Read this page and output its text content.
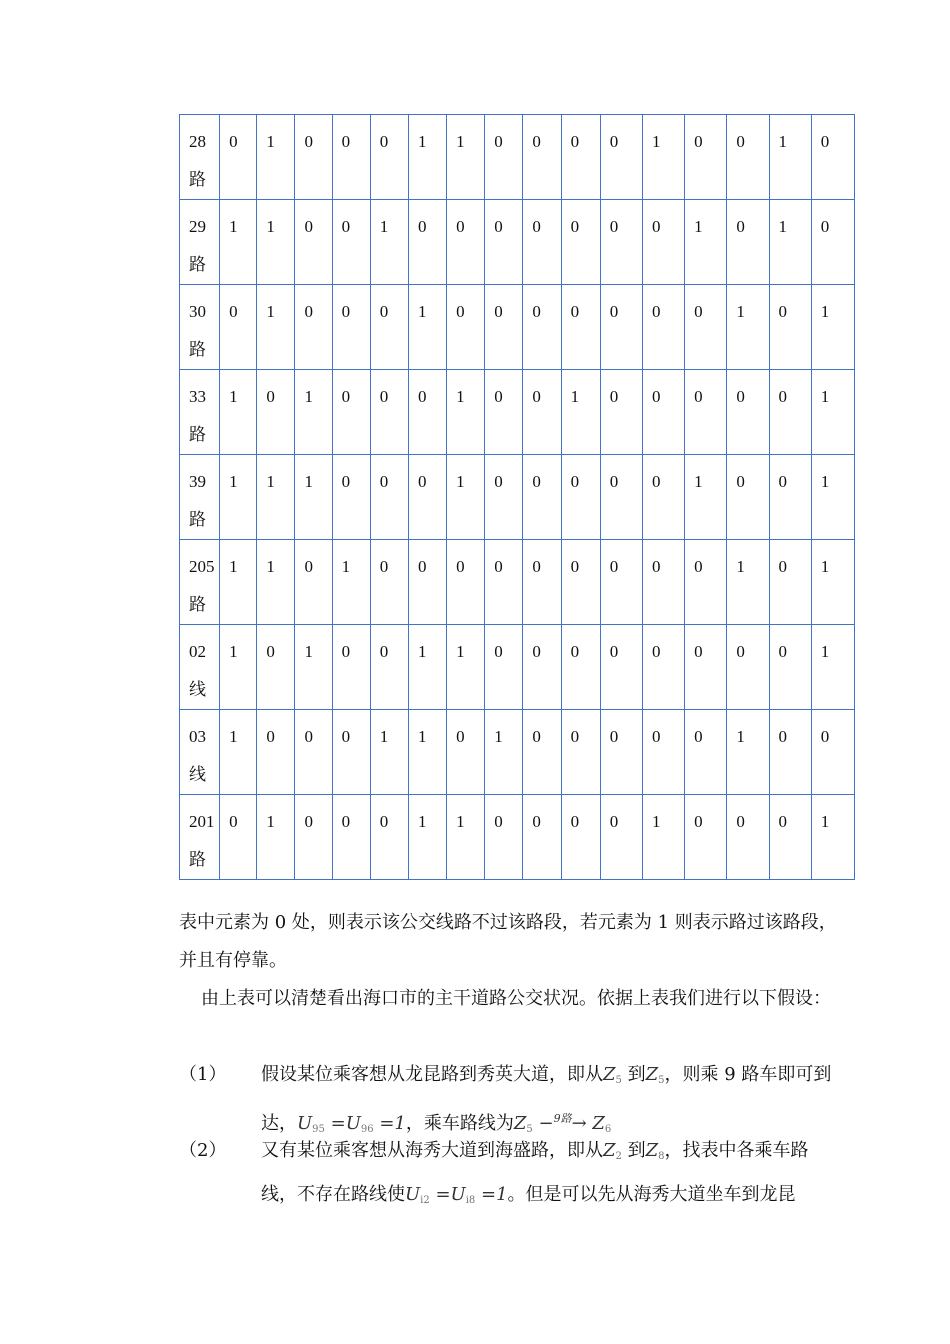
28路	0	1	0	0	0	1	1	0	0	0	0	1	0	0	1	0
29路	1	1	0	0	1	0	0	0	0	0	0	0	1	0	1	0
30路	0	1	0	0	0	1	0	0	0	0	0	0	0	1	0	1
33路	1	0	1	0	0	0	1	0	0	1	0	0	0	0	0	1
39路	1	1	1	0	0	0	1	0	0	0	0	0	1	0	0	1
205路	1	1	0	1	0	0	0	0	0	0	0	0	0	1	0	1
02线	1	0	1	0	0	1	1	0	0	0	0	0	0	0	0	1
03线	1	0	0	0	1	1	0	1	0	0	0	0	0	1	0	0
201路	0	1	0	0	0	1	1	0	0	0	0	1	0	0	0	1

表中元素为 0 处，则表示该公交线路不过该路段，若元素为 1 则表示路过该路段，并且有停靠。

由上表可以清楚看出海口市的主干道路公交状况。依据上表我们进行以下假设：

（1） 假设某位乘客想从龙昆路到秀英大道，即从$Z_5$ 到$Z_5$，则乘 9 路车即可到达，$U_{95} =U_{96} =1$，乘车路线为$Z_5 -^{9路}\to Z_6$
（2） 又有某位乘客想从海秀大道到海盛路，即从$Z_2$ 到$Z_8$，找表中各乘车路线，不存在路线使$U_{i2} =U_{i8} =1$。但是可以先从海秀大道坐车到龙昆
